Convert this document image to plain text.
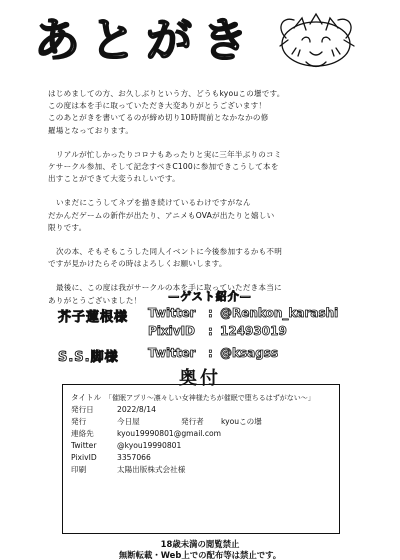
あとがき

はじめましての方、お久しぶりという方、どうもkyouこの壜です。

この度は本を手に取っていただき大変ありがとうございます！

このあとがきを書いてるのが締め切り10時間前となかなかの修

羅場となっております。

リアルが忙しかったりコロナもあったりと実に三年半ぶりのコミ

ケサークル参加、そして記念すべきC100に参加できこうして本を

出すことができて大変うれしいです。

いまだにこうしてネプを描き続けているわけですがなん

だかんだゲームの新作が出たり、アニメもOVAが出たりと嬉しい

限りです。

次の本、そもそもこうした同人イベントに今後参加するかも不明

ですが見かけたらその時はよろしくお願いします。

最後に、この度は我がサークルの本を手に取っていただき本当に

ありがとうございました！	—ゲスト紹介—
芥子蓮根様 Twitter : @Renkon_karashi
PixivID : 12493019
S.S.脚様 Twitter : @ksagss
奥付
タイトル 「催眠アプリ〜凛々しい女神様たちが催眠で堕ちるはずがない〜」
発行日	2022/8/14
発行	今日屋	発行者 kyouこの壜
連絡先	kyou19990801@gmail.com
Twitter	@kyou19990801
PixivID	3357066
印刷	太陽出版株式会社様
18歳未満の閲覧禁止
無断転載・Web上での配布等は禁止です。
